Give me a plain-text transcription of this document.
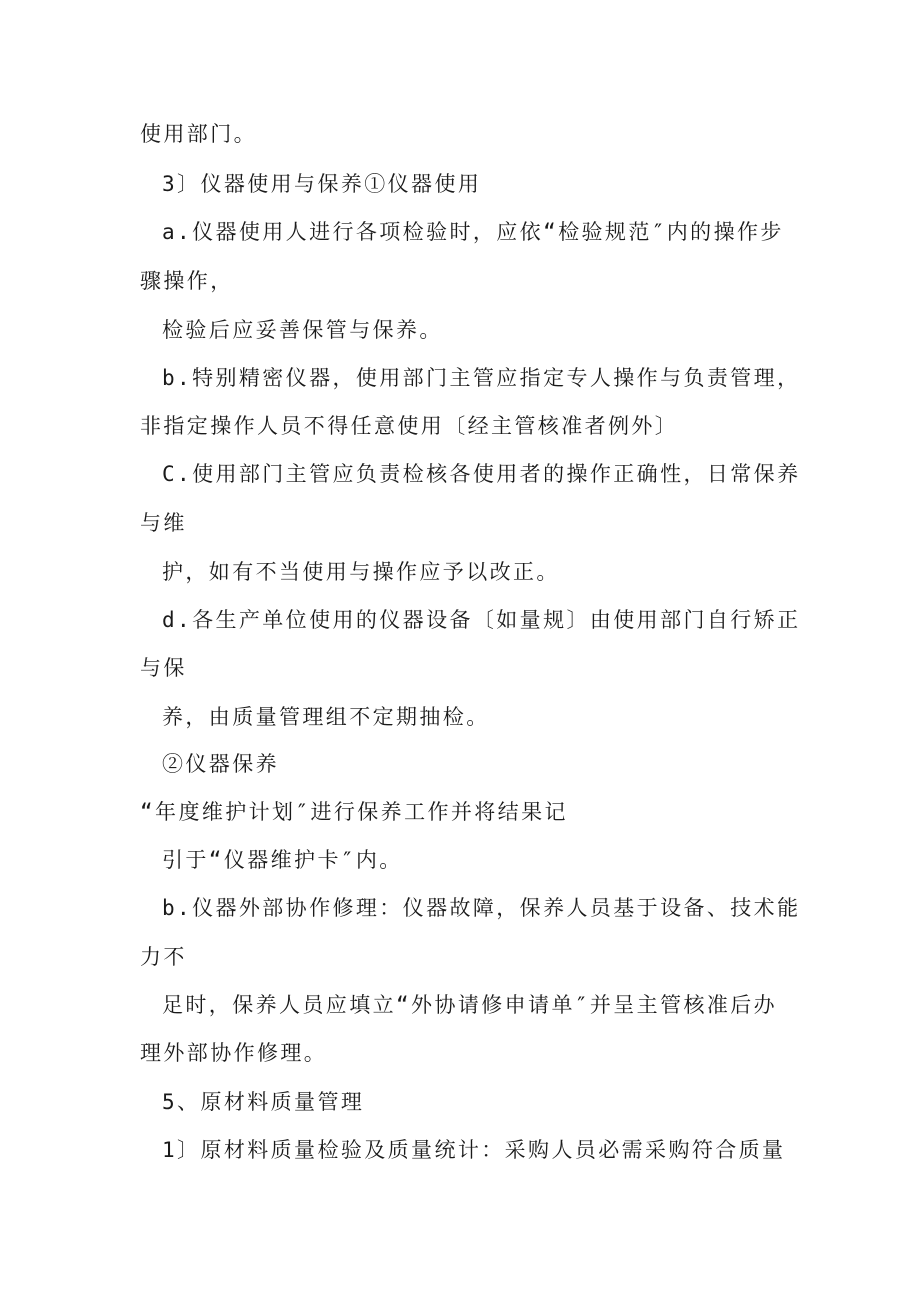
使用部门。
3〕仪器使用与保养①仪器使用
a.仪器使用人进行各项检验时，应依“检验规范″内的操作步
骤操作，
检验后应妥善保管与保养。
b.特别精密仪器，使用部门主管应指定专人操作与负责管理，
非指定操作人员不得任意使用〔经主管核准者例外〕
C.使用部门主管应负责检核各使用者的操作正确性，日常保养
与维
护，如有不当使用与操作应予以改正。
d.各生产单位使用的仪器设备〔如量规〕由使用部门自行矫正
与保
养，由质量管理组不定期抽检。
②仪器保养
“年度维护计划″进行保养工作并将结果记
引于“仪器维护卡″内。
b.仪器外部协作修理：仪器故障，保养人员基于设备、技术能
力不
足时，保养人员应填立“外协请修申请单″并呈主管核准后办
理外部协作修理。
5、原材料质量管理
1〕原材料质量检验及质量统计：采购人员必需采购符合质量
